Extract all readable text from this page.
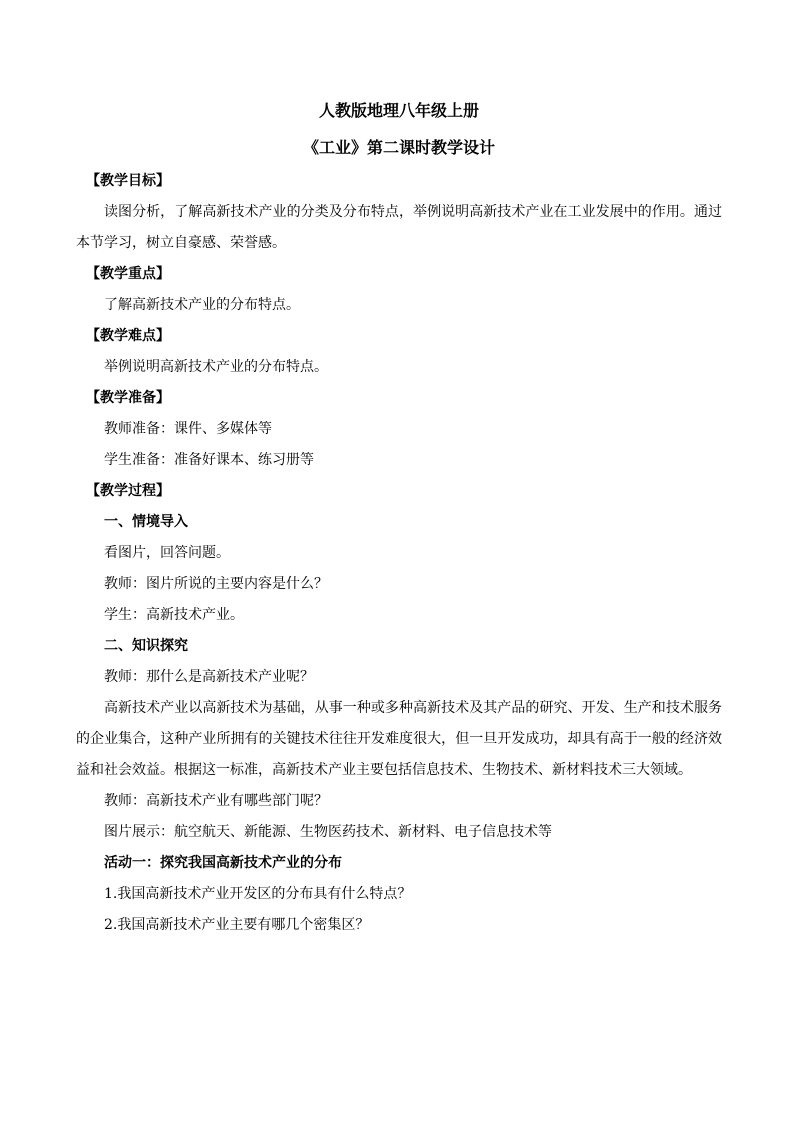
人教版地理八年级上册

《工业》第二课时教学设计

【教学目标】

读图分析，了解高新技术产业的分类及分布特点，举例说明高新技术产业在工业发展中的作用。通过本节学习，树立自豪感、荣誉感。

【教学重点】

了解高新技术产业的分布特点。

【教学难点】

举例说明高新技术产业的分布特点。

【教学准备】

教师准备：课件、多媒体等

学生准备：准备好课本、练习册等

【教学过程】

一、情境导入

看图片，回答问题。

教师：图片所说的主要内容是什么？

学生：高新技术产业。

二、知识探究

教师：那什么是高新技术产业呢？

高新技术产业以高新技术为基础，从事一种或多种高新技术及其产品的研究、开发、生产和技术服务的企业集合，这种产业所拥有的关键技术往往开发难度很大，但一旦开发成功，却具有高于一般的经济效益和社会效益。根据这一标准，高新技术产业主要包括信息技术、生物技术、新材料技术三大领域。

教师：高新技术产业有哪些部门呢？

图片展示：航空航天、新能源、生物医药技术、新材料、电子信息技术等

活动一：探究我国高新技术产业的分布

1.我国高新技术产业开发区的分布具有什么特点？

2.我国高新技术产业主要有哪几个密集区？
